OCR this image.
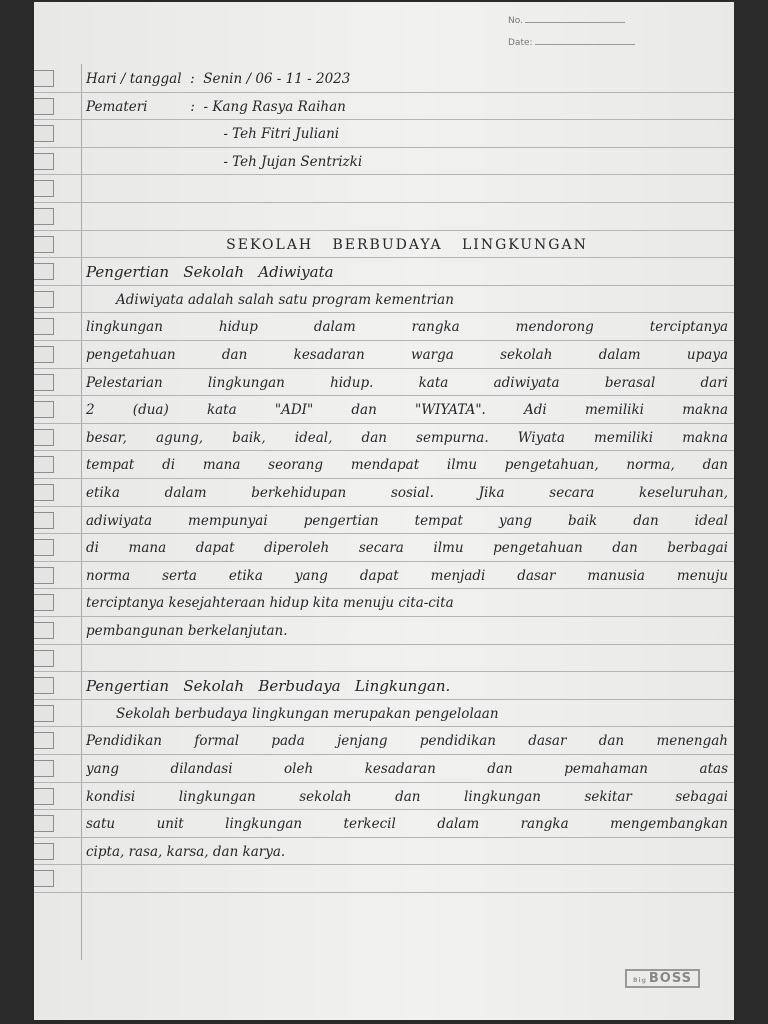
No.
Date:
Hari / tanggal  :  Senin / 06 - 11 - 2023
Pemateri          :  - Kang Rasya Raihan
- Teh Fitri Juliani
- Teh Jujan Sentrizki
SEKOLAH   BERBUDAYA   LINGKUNGAN
Pengertian   Sekolah   Adiwiyata
Adiwiyata adalah salah satu program kementrian
lingkungan hidup dalam rangka mendorong terciptanya
pengetahuan dan kesadaran warga sekolah dalam upaya
Pelestarian lingkungan hidup. kata adiwiyata berasal dari
2 (dua) kata "ADI" dan "WIYATA". Adi memiliki makna
besar, agung, baik, ideal, dan sempurna. Wiyata memiliki makna
tempat di mana seorang mendapat ilmu pengetahuan, norma, dan
etika dalam berkehidupan sosial. Jika secara keseluruhan,
adiwiyata mempunyai pengertian tempat yang baik dan ideal
di mana dapat diperoleh secara ilmu pengetahuan dan berbagai
norma serta etika yang dapat menjadi dasar manusia menuju
terciptanya kesejahteraan hidup kita menuju cita-cita
pembangunan berkelanjutan.
Pengertian   Sekolah   Berbudaya   Lingkungan.
Sekolah berbudaya lingkungan merupakan pengelolaan
Pendidikan formal pada jenjang pendidikan dasar dan menengah
yang dilandasi oleh kesadaran dan pemahaman atas
kondisi lingkungan sekolah dan lingkungan sekitar sebagai
satu unit lingkungan terkecil dalam rangka mengembangkan
cipta, rasa, karsa, dan karya.
Big BOSS
